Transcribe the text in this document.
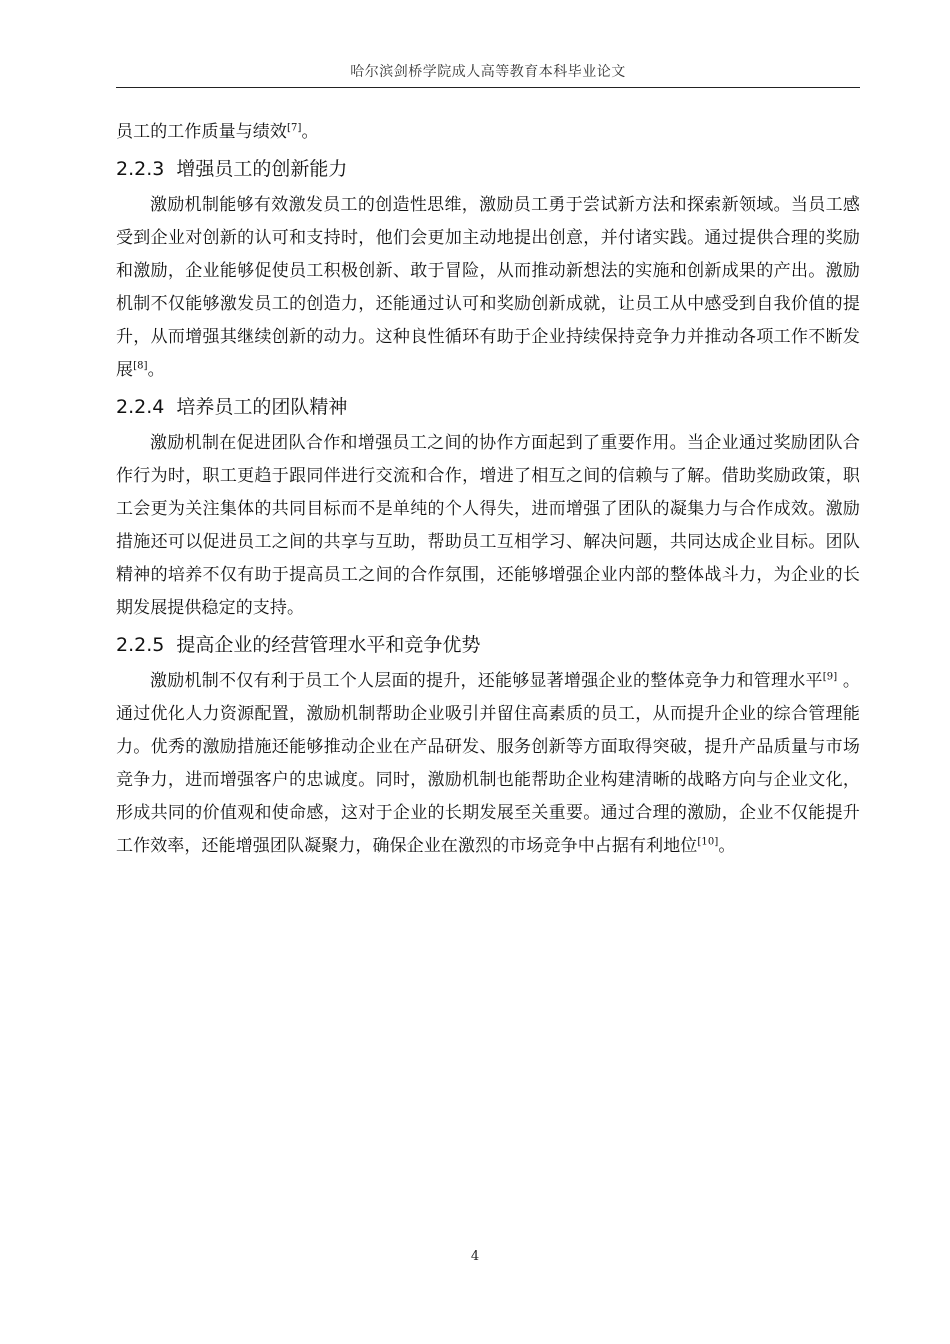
哈尔滨剑桥学院成人高等教育本科毕业论文

员工的工作质量与绩效[7]。

2.2.3 增强员工的创新能力

激励机制能够有效激发员工的创造性思维，激励员工勇于尝试新方法和探索新领域。当员工感受到企业对创新的认可和支持时，他们会更加主动地提出创意，并付诸实践。通过提供合理的奖励和激励，企业能够促使员工积极创新、敢于冒险，从而推动新想法的实施和创新成果的产出。激励机制不仅能够激发员工的创造力，还能通过认可和奖励创新成就，让员工从中感受到自我价值的提升，从而增强其继续创新的动力。这种良性循环有助于企业持续保持竞争力并推动各项工作不断发展[8]。

2.2.4 培养员工的团队精神

激励机制在促进团队合作和增强员工之间的协作方面起到了重要作用。当企业通过奖励团队合作行为时，职工更趋于跟同伴进行交流和合作，增进了相互之间的信赖与了解。借助奖励政策，职工会更为关注集体的共同目标而不是单纯的个人得失，进而增强了团队的凝集力与合作成效。激励措施还可以促进员工之间的共享与互助，帮助员工互相学习、解决问题，共同达成企业目标。团队精神的培养不仅有助于提高员工之间的合作氛围，还能够增强企业内部的整体战斗力，为企业的长期发展提供稳定的支持。

2.2.5 提高企业的经营管理水平和竞争优势

激励机制不仅有利于员工个人层面的提升，还能够显著增强企业的整体竞争力和管理水平[9] 。通过优化人力资源配置，激励机制帮助企业吸引并留住高素质的员工，从而提升企业的综合管理能力。优秀的激励措施还能够推动企业在产品研发、服务创新等方面取得突破，提升产品质量与市场竞争力，进而增强客户的忠诚度。同时，激励机制也能帮助企业构建清晰的战略方向与企业文化，形成共同的价值观和使命感，这对于企业的长期发展至关重要。通过合理的激励，企业不仅能提升工作效率，还能增强团队凝聚力，确保企业在激烈的市场竞争中占据有利地位[10]。

4
